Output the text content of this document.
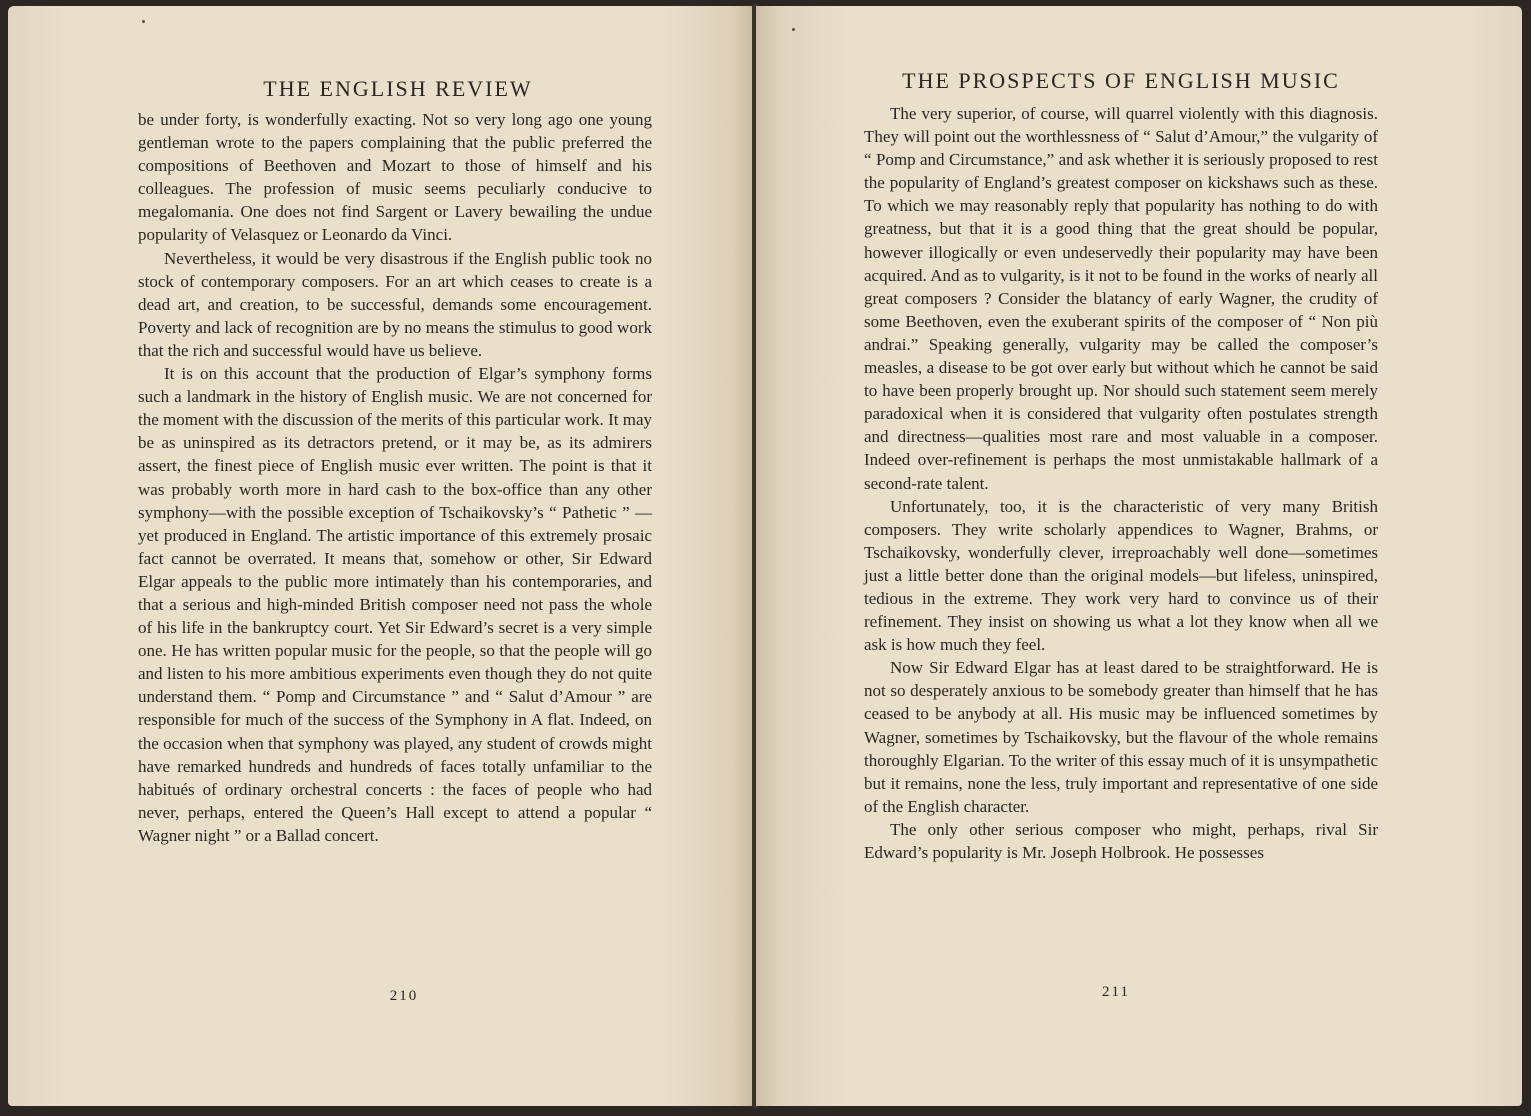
THE ENGLISH REVIEW

be under forty, is wonderfully exacting. Not so very long ago one young gentleman wrote to the papers complaining that the public preferred the compositions of Beethoven and Mozart to those of himself and his colleagues. The profession of music seems peculiarly conducive to megalomania. One does not find Sargent or Lavery bewailing the undue popularity of Velasquez or Leonardo da Vinci.

Nevertheless, it would be very disastrous if the English public took no stock of contemporary composers. For an art which ceases to create is a dead art, and creation, to be successful, demands some encouragement. Poverty and lack of recognition are by no means the stimulus to good work that the rich and successful would have us believe.

It is on this account that the production of Elgar’s symphony forms such a landmark in the history of English music. We are not concerned for the moment with the discussion of the merits of this particular work. It may be as uninspired as its detractors pretend, or it may be, as its admirers assert, the finest piece of English music ever written. The point is that it was probably worth more in hard cash to the box-office than any other symphony—with the possible exception of Tschaikovsky’s “ Pathetic ” —yet produced in England. The artistic importance of this extremely prosaic fact cannot be overrated. It means that, somehow or other, Sir Edward Elgar appeals to the public more intimately than his contemporaries, and that a serious and high-minded British composer need not pass the whole of his life in the bankruptcy court. Yet Sir Edward’s secret is a very simple one. He has written popular music for the people, so that the people will go and listen to his more ambitious experiments even though they do not quite understand them. “ Pomp and Circumstance ” and “ Salut d’Amour ” are responsible for much of the success of the Symphony in A flat. Indeed, on the occasion when that symphony was played, any student of crowds might have remarked hundreds and hundreds of faces totally unfamiliar to the habitués of ordinary orchestral concerts : the faces of people who had never, perhaps, entered the Queen’s Hall except to attend a popular “ Wagner night ” or a Ballad concert.

210
THE PROSPECTS OF ENGLISH MUSIC

The very superior, of course, will quarrel violently with this diagnosis. They will point out the worthlessness of “ Salut d’Amour,” the vulgarity of “ Pomp and Circumstance,” and ask whether it is seriously proposed to rest the popularity of England’s greatest composer on kickshaws such as these. To which we may reasonably reply that popularity has nothing to do with greatness, but that it is a good thing that the great should be popular, however illogically or even undeservedly their popularity may have been acquired. And as to vulgarity, is it not to be found in the works of nearly all great composers ? Consider the blatancy of early Wagner, the crudity of some Beethoven, even the exuberant spirits of the composer of “ Non più andrai.” Speaking generally, vulgarity may be called the composer’s measles, a disease to be got over early but without which he cannot be said to have been properly brought up. Nor should such statement seem merely paradoxical when it is considered that vulgarity often postulates strength and directness—qualities most rare and most valuable in a composer. Indeed over-refinement is perhaps the most unmistakable hallmark of a second-rate talent.

Unfortunately, too, it is the characteristic of very many British composers. They write scholarly appendices to Wagner, Brahms, or Tschaikovsky, wonderfully clever, irreproachably well done—sometimes just a little better done than the original models—but lifeless, uninspired, tedious in the extreme. They work very hard to convince us of their refinement. They insist on showing us what a lot they know when all we ask is how much they feel.

Now Sir Edward Elgar has at least dared to be straightforward. He is not so desperately anxious to be somebody greater than himself that he has ceased to be anybody at all. His music may be influenced sometimes by Wagner, sometimes by Tschaikovsky, but the flavour of the whole remains thoroughly Elgarian. To the writer of this essay much of it is unsympathetic but it remains, none the less, truly important and representative of one side of the English character.

The only other serious composer who might, perhaps, rival Sir Edward’s popularity is Mr. Joseph Holbrook. He possesses

211
